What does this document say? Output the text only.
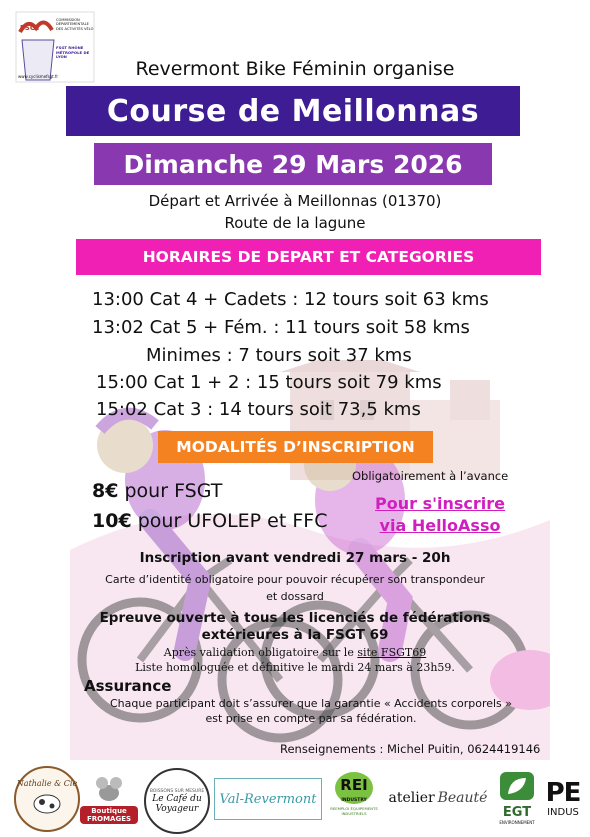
FSGT
COMMISSION DÉPARTEMENTALE DES ACTIVITÉS VÉLO
FSGT RHÔNE MÉTROPOLE DE LYON
www.cyclismefsgt.fr	Revermont Bike Féminin organise
Course de Meillonnas
Dimanche 29 Mars 2026
Départ et Arrivée à Meillonnas (01370)
Route de la lagune
HORAIRES DE DEPART ET CATEGORIES
13:00 Cat 4 + Cadets : 12 tours soit 63 kms
13:02 Cat 5 + Fém. : 11 tours soit 58 kms
Minimes : 7 tours soit 37 kms
15:00 Cat 1 + 2 : 15 tours soit 79 kms
15:02 Cat 3 : 14 tours soit 73,5 kms
MODALITÉS D’INSCRIPTION
Obligatoirement à l’avance
8€ pour FSGT
10€ pour UFOLEP et FFC
Pour s'inscrire
via HelloAsso
Inscription avant vendredi 27 mars - 20h
Carte d’identité obligatoire pour pouvoir récupérer son transpondeur
et dossard
Epreuve ouverte à tous les licenciés de fédérations
extérieures à la FSGT 69
Après validation obligatoire sur le site FSGT69
Liste homologuée et définitive le mardi 24 mars à 23h59.
Assurance
Chaque participant doit s’assurer que la garantie « Accidents corporels »
est prise en compte par sa fédération.
Renseignements : Michel Puitin, 0624419146
Nathalie & Cie
Boutique FROMAGES
BOISSONS SUR MESURE
Le Café du Voyageur
Val-Revermont
REI
INDUSTRY
REEMPLOI ÉQUIPEMENTS INDUSTRIELS
atelier Beauté
EGT
ENVIRONNEMENT
PE
INDUS
